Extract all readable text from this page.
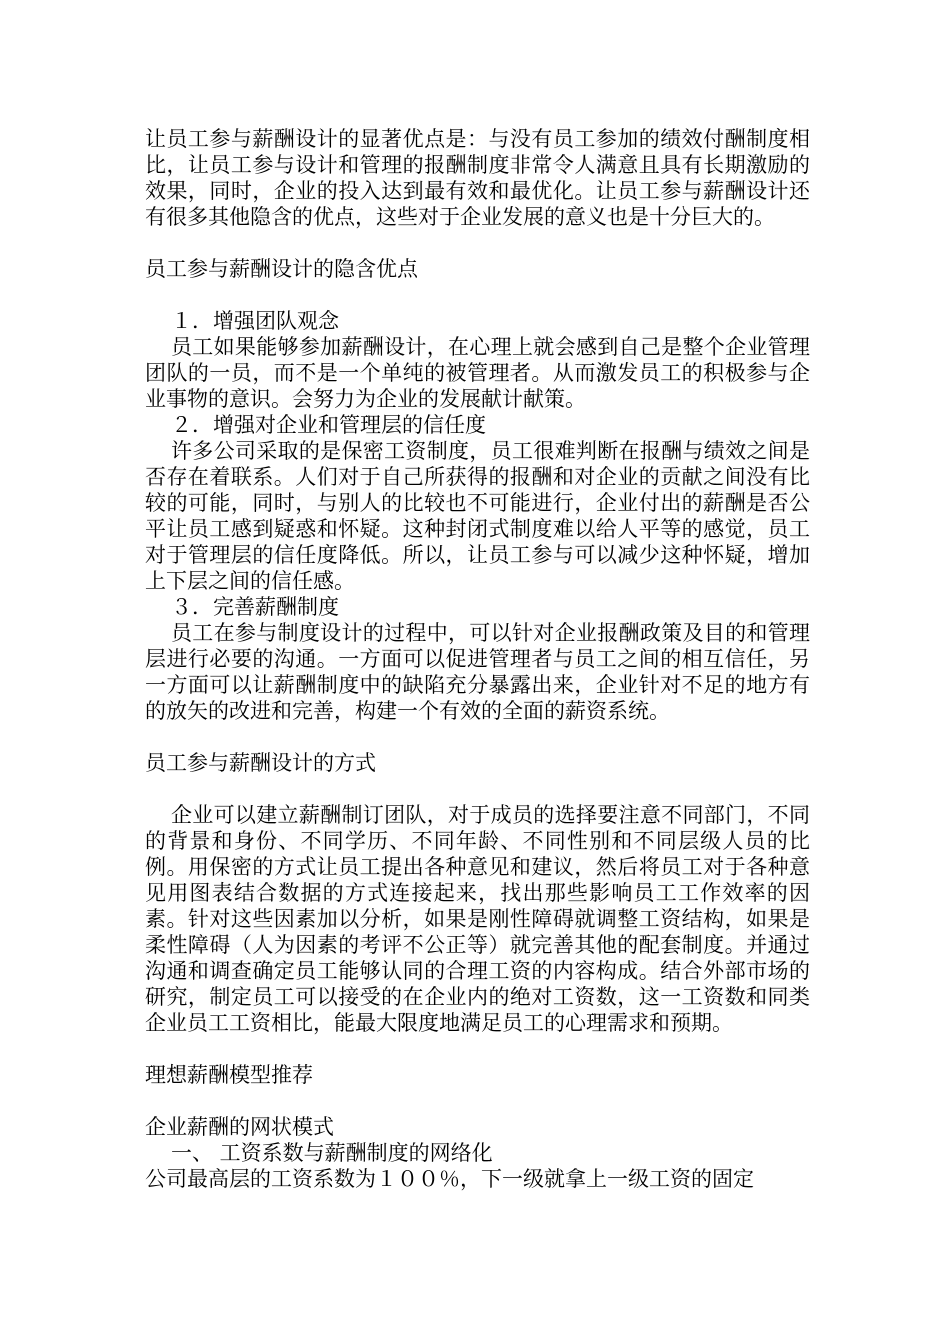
让员工参与薪酬设计的显著优点是：与没有员工参加的绩效付酬制度相比，让员工参与设计和管理的报酬制度非常令人满意且具有长期激励的效果，同时，企业的投入达到最有效和最优化。让员工参与薪酬设计还有很多其他隐含的优点，这些对于企业发展的意义也是十分巨大的。

员工参与薪酬设计的隐含优点

１．增强团队观念

员工如果能够参加薪酬设计，在心理上就会感到自己是整个企业管理团队的一员，而不是一个单纯的被管理者。从而激发员工的积极参与企业事物的意识。会努力为企业的发展献计献策。

２．增强对企业和管理层的信任度

许多公司采取的是保密工资制度，员工很难判断在报酬与绩效之间是否存在着联系。人们对于自己所获得的报酬和对企业的贡献之间没有比较的可能，同时，与别人的比较也不可能进行，企业付出的薪酬是否公平让员工感到疑惑和怀疑。这种封闭式制度难以给人平等的感觉，员工对于管理层的信任度降低。所以，让员工参与可以减少这种怀疑，增加上下层之间的信任感。

３．完善薪酬制度

员工在参与制度设计的过程中，可以针对企业报酬政策及目的和管理层进行必要的沟通。一方面可以促进管理者与员工之间的相互信任，另一方面可以让薪酬制度中的缺陷充分暴露出来，企业针对不足的地方有的放矢的改进和完善，构建一个有效的全面的薪资系统。

员工参与薪酬设计的方式

企业可以建立薪酬制订团队，对于成员的选择要注意不同部门，不同的背景和身份、不同学历、不同年龄、不同性别和不同层级人员的比例。用保密的方式让员工提出各种意见和建议，然后将员工对于各种意见用图表结合数据的方式连接起来，找出那些影响员工工作效率的因素。针对这些因素加以分析，如果是刚性障碍就调整工资结构，如果是柔性障碍（人为因素的考评不公正等）就完善其他的配套制度。并通过沟通和调查确定员工能够认同的合理工资的内容构成。结合外部市场的研究，制定员工可以接受的在企业内的绝对工资数，这一工资数和同类企业员工工资相比，能最大限度地满足员工的心理需求和预期。

理想薪酬模型推荐

企业薪酬的网状模式

一、 工资系数与薪酬制度的网络化

公司最高层的工资系数为１００％，下一级就拿上一级工资的固定
